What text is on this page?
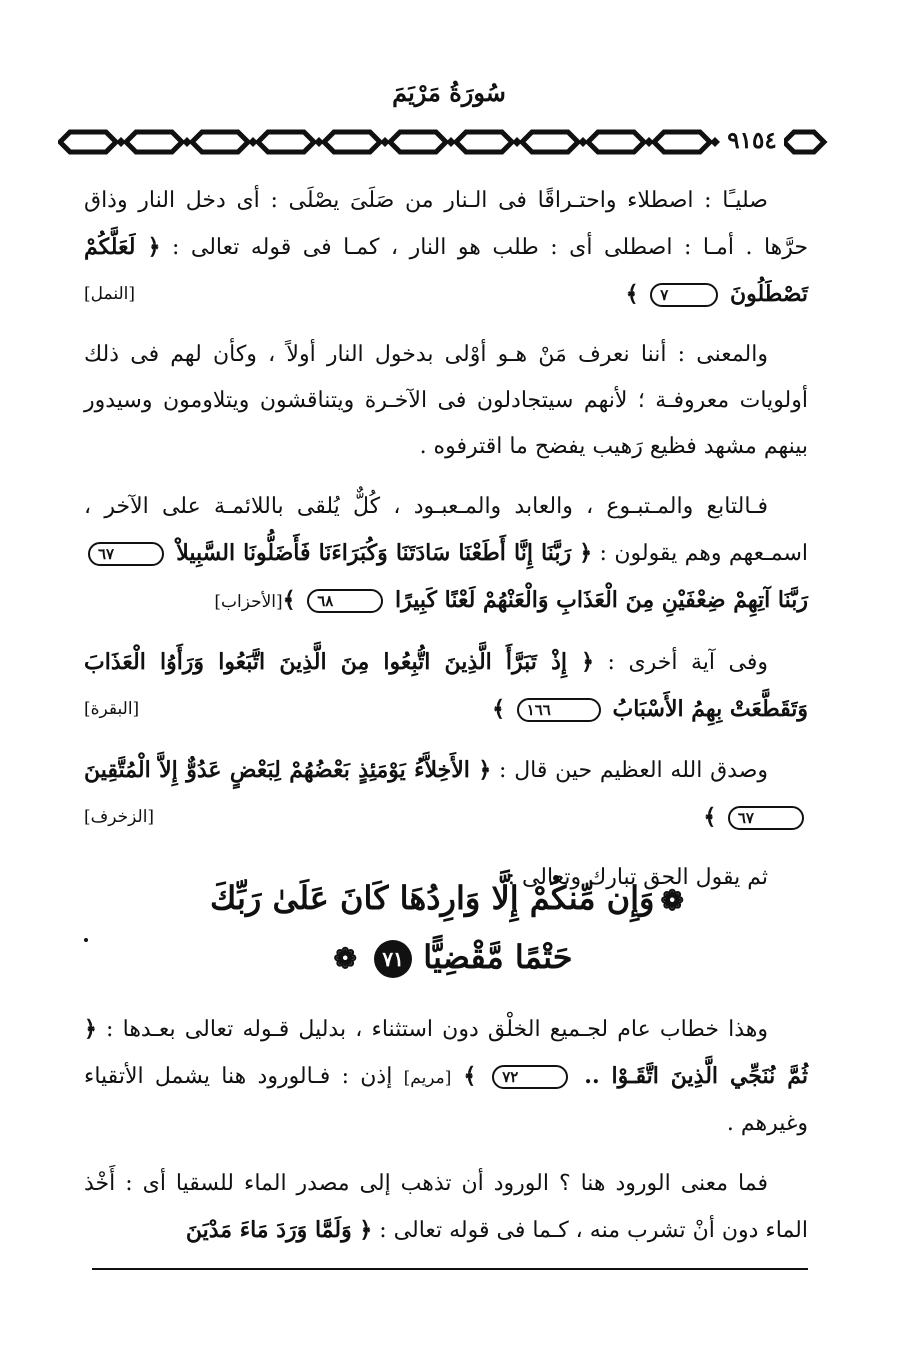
سُورَةُ مَرْيَمَ
٩١٥٤

صليـًا : اصطلاء واحتـراقًا فى الـنار من صَلَىَ يصْلَى : أى دخل النار وذاق حرَّها . أمـا : اصطلى أى : طلب هو النار ، كمـا فى قوله تعالى : ﴿ لَعَلَّكُمْ تَصْطَلُونَ ٧ ﴾
[النمل]

والمعنى : أننا نعرف مَنْ هـو أوْلى بدخول النار أولاً ، وكأن لهم فى ذلك أولويات معروفـة ؛ لأنهم سيتجادلون فى الآخـرة ويتناقشون ويتلاومون وسيدور بينهم مشهد فظيع رَهيب يفضح ما اقترفوه .

فـالتابع والمـتبـوع ، والعابد والمـعبـود ، كُلٌّ يُلقى باللائمـة على الآخر ، اسمـعهم وهم يقولون : ﴿ رَبَّنَا إِنَّا أَطَعْنَا سَادَتَنَا وَكُبَرَاءَنَا فَأَضَلُّونَا السَّبِيلاْ ٦٧ رَبَّنَا آتِهِمْ ضِعْفَيْنِ مِنَ الْعَذَابِ وَالْعَنْهُمْ لَعْنًا كَبِيرًا ٦٨ ﴾[الأحزاب]

وفى آية أخرى : ﴿ إِذْ تَبَرَّأَ الَّذِينَ اتُّبِعُوا مِنَ الَّذِينَ اتَّبَعُوا وَرَأَوُا الْعَذَابَ وَتَقَطَّعَتْ بِهِمُ الأَسْبَابُ ١٦٦ ﴾
[البقرة]

وصدق الله العظيم حين قال : ﴿ الأَخِلاَّءُ يَوْمَئِذٍ بَعْضُهُمْ لِبَعْضٍ عَدُوٌّ إِلاَّ الْمُتَّقِينَ ٦٧ ﴾
[الزخرف]

ثم يقول الحق تبارك وتعالى :

❁وَإِن مِّنكُمْ إِلَّا وَارِدُهَا كَانَ عَلَىٰ رَبِّكَ
حَتْمًا مَّقْضِيًّا ٧١ ❁

وهذا خطاب عام لجـميع الخلْق دون استثناء ، بدليل قـوله تعالى بعـدها : ﴿ ثُمَّ نُنَجِّي الَّذِينَ اتَّقَـوْا .. ٧٢ ﴾ [مريم] إذن : فـالورود هنا يشمل الأتقياء وغيرهم .

فما معنى الورود هنا ؟ الورود أن تذهب إلى مصدر الماء للسقيا أى : أَخْذ الماء دون أنْ تشرب منه ، كـما فى قوله تعالى : ﴿ وَلَمَّا وَرَدَ مَاءَ مَدْيَنَ
